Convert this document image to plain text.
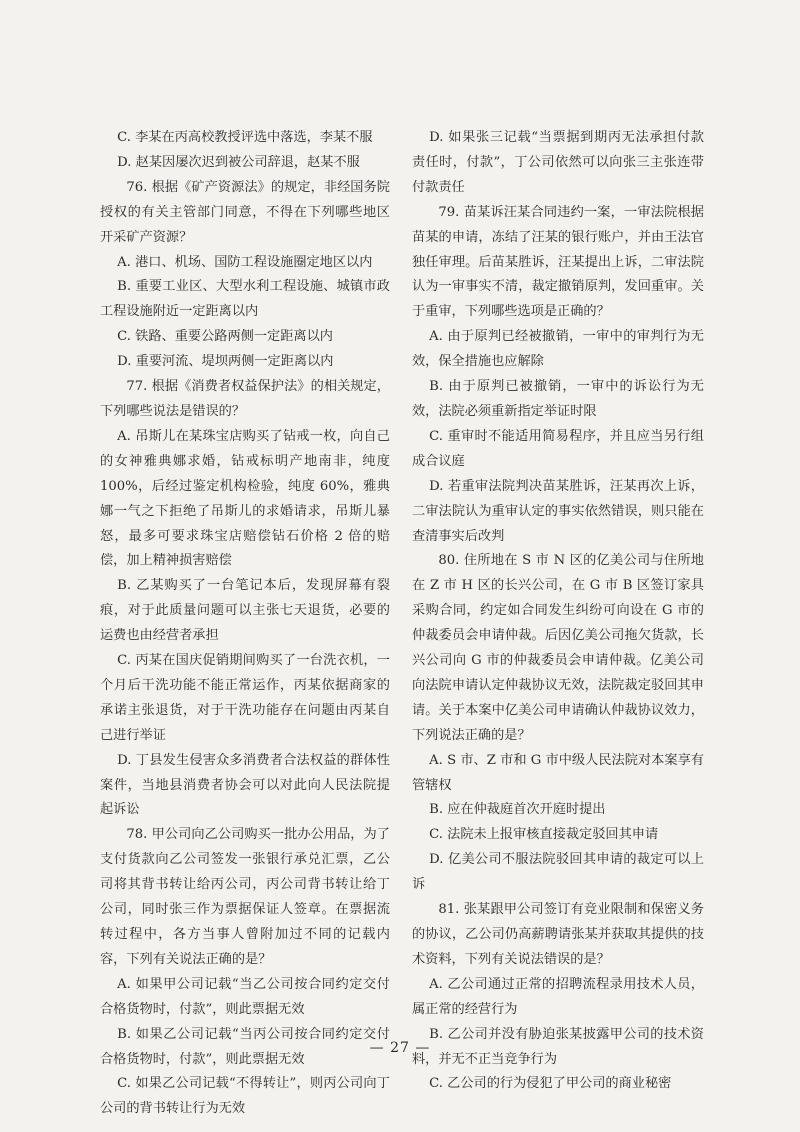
C. 李某在丙高校教授评选中落选，李某不服

D. 赵某因屡次迟到被公司辞退，赵某不服

76. 根据《矿产资源法》的规定，非经国务院授权的有关主管部门同意，不得在下列哪些地区开采矿产资源？

A. 港口、机场、国防工程设施圈定地区以内

B. 重要工业区、大型水利工程设施、城镇市政工程设施附近一定距离以内

C. 铁路、重要公路两侧一定距离以内

D. 重要河流、堤坝两侧一定距离以内

77. 根据《消费者权益保护法》的相关规定，下列哪些说法是错误的？

A. 吊斯儿在某珠宝店购买了钻戒一枚，向自己的女神雅典娜求婚，钻戒标明产地南非，纯度 100%，后经过鉴定机构检验，纯度 60%，雅典娜一气之下拒绝了吊斯儿的求婚请求，吊斯儿暴怒，最多可要求珠宝店赔偿钻石价格 2 倍的赔偿，加上精神损害赔偿

B. 乙某购买了一台笔记本后，发现屏幕有裂痕，对于此质量问题可以主张七天退货，必要的运费也由经营者承担

C. 丙某在国庆促销期间购买了一台洗衣机，一个月后干洗功能不能正常运作，丙某依据商家的承诺主张退货，对于干洗功能存在问题由丙某自己进行举证

D. 丁县发生侵害众多消费者合法权益的群体性案件，当地县消费者协会可以对此向人民法院提起诉讼

78. 甲公司向乙公司购买一批办公用品，为了支付货款向乙公司签发一张银行承兑汇票，乙公司将其背书转让给丙公司，丙公司背书转让给丁公司，同时张三作为票据保证人签章。在票据流转过程中，各方当事人曾附加过不同的记载内容，下列有关说法正确的是？

A. 如果甲公司记载“当乙公司按合同约定交付合格货物时，付款”，则此票据无效

B. 如果乙公司记载“当丙公司按合同约定交付合格货物时，付款”，则此票据无效

C. 如果乙公司记载“不得转让”，则丙公司向丁公司的背书转让行为无效

D. 如果张三记载“当票据到期丙无法承担付款责任时，付款”，丁公司依然可以向张三主张连带付款责任

79. 苗某诉汪某合同违约一案，一审法院根据苗某的申请，冻结了汪某的银行账户，并由王法官独任审理。后苗某胜诉，汪某提出上诉，二审法院认为一审事实不清，裁定撤销原判，发回重审。关于重审，下列哪些选项是正确的？

A. 由于原判已经被撤销，一审中的审判行为无效，保全措施也应解除

B. 由于原判已被撤销，一审中的诉讼行为无效，法院必须重新指定举证时限

C. 重审时不能适用简易程序，并且应当另行组成合议庭

D. 若重审法院判决苗某胜诉，汪某再次上诉，二审法院认为重审认定的事实依然错误，则只能在查清事实后改判

80. 住所地在 S 市 N 区的亿美公司与住所地在 Z 市 H 区的长兴公司，在 G 市 B 区签订家具采购合同，约定如合同发生纠纷可向设在 G 市的仲裁委员会申请仲裁。后因亿美公司拖欠货款，长兴公司向 G 市的仲裁委员会申请仲裁。亿美公司向法院申请认定仲裁协议无效，法院裁定驳回其申请。关于本案中亿美公司申请确认仲裁协议效力，下列说法正确的是？

A. S 市、Z 市和 G 市中级人民法院对本案享有管辖权

B. 应在仲裁庭首次开庭时提出

C. 法院未上报审核直接裁定驳回其申请

D. 亿美公司不服法院驳回其申请的裁定可以上诉

81. 张某跟甲公司签订有竞业限制和保密义务的协议，乙公司仍高薪聘请张某并获取其提供的技术资料，下列有关说法错误的是？

A. 乙公司通过正常的招聘流程录用技术人员，属正常的经营行为

B. 乙公司并没有胁迫张某披露甲公司的技术资料，并无不正当竞争行为

C. 乙公司的行为侵犯了甲公司的商业秘密

— 27 —
